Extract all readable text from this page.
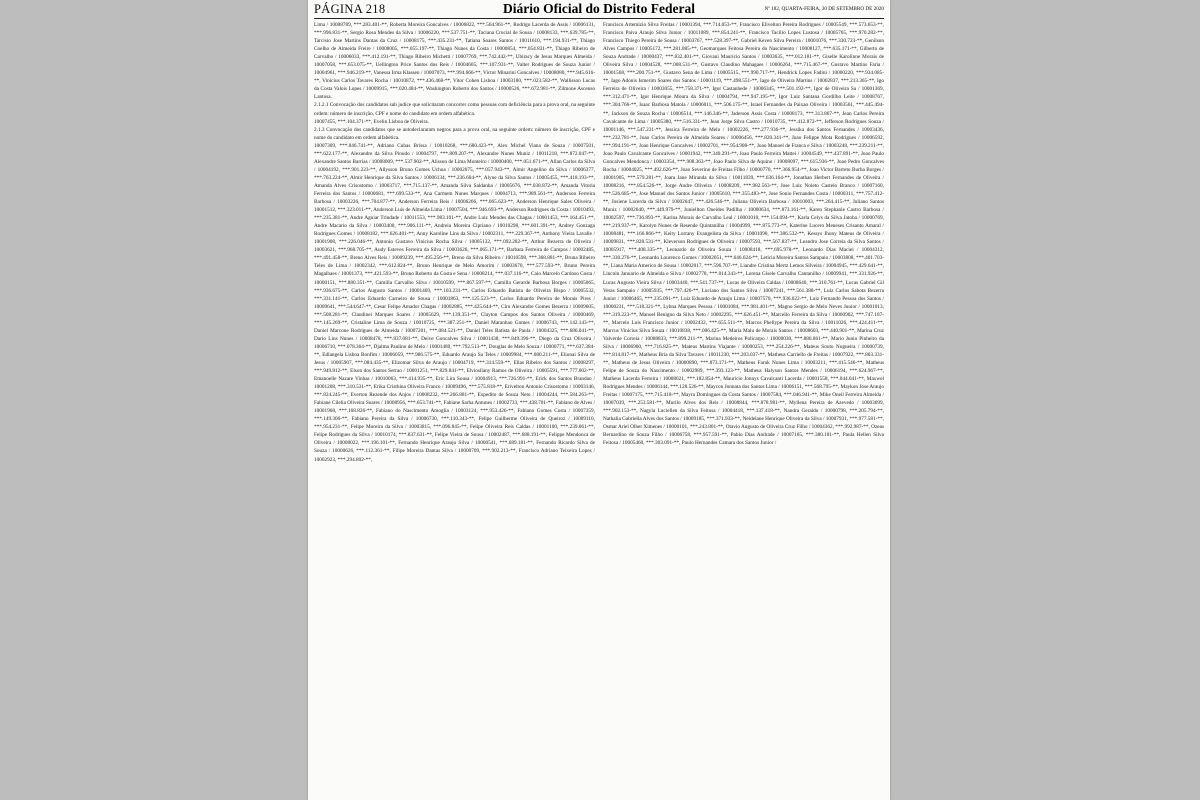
PÁGINA 218	Diário Oficial do Distrito Federal	Nº 182, QUARTA-FEIRA, 30 DE SETEMBRO DE 2020

Lima / 10008789, ***.283.401-**, Roberta Moreira Goncalves / 10006822, ***.564.961-**, Rodrigo Lacerda de Assis / 10006131, ***.996.831-**, Sergio Rosa Mendes da Silva / 10006220, ***.537.751-**, Taciana Crucial de Sousa / 10008133, ***.639.785-**, Tarcisio Jose Martins Dantas da Cruz / 10008175, ***.435.231-**, Tatiana Soares Santos / 10011610, ***.194.931-**, Thiago Coelho de Almeida Freire / 10008005, ***.055.197-**, Thiago Nunes da Costa / 10000854, ***.054.831-**, Thiago Ribeiro de Carvalho / 10006033, ***.412.191-**, Thiago Ribeiro Michetti / 10007769, ***.742.442-**, Ubiracy de Jesus Marques Almeida / 10007058, ***.653.075-**, Uellington Price Santos dos Reis / 10004605, ***.107.931-**, Valter Rodrigues de Souza Junior / 10004961, ***.946.219-**, Vanessa Irma Klassen / 10007073, ***.994.666-**, Victor Minarini Goncalves / 10008080, ***.945.616-**, Vinicius Carlos Tavares Rocha / 10010872, ***.436.468-**, Vitor Cohen Lisboa / 10003180, ***.023.582-**, Wallisson Lucas da Costa Valois Lopes / 10009915, ***.020.484-**, Washington Roberto dos Santos / 10000526, ***.672.981-**, Zilmone Ascenso Lantosa.

2.1.2.1 Convocação dos candidatos sub judice que solicitaram concorrer como pessoas com deficiência para a prova oral, na seguinte ordem: número de inscrição, CPF e nome do candidato em ordem alfabética.

10007455, ***.104.371-**, Evelin Lisboa de Oliveira.

2.1.3 Convocação dos candidatos que se autodeclararam negros para a prova oral, na seguinte ordem: número de inscrição, CPF e nome do candidato em ordem alfabética.

10007309, ***.846.741-**, Adriano Cubas Brissa / 10010268, ***.680.423-**, Alex Michel Viana de Souza / 10007501, ***.622.177-**, Alexandre da Silva Pinudo / 10004797, ***.809.207-**, Alexandre Nunes Muniz / 10011218, ***.872.047-**, Alexandre Santos Barrias / 10008009, ***.537.902-**, Alisson de Lima Monteiro / 10000400, ***.051.671-**, Allan Carlos da Silva / 10004192, ***.901.223-**, Allysson Bruno Gomes Uchoa / 10002075, ***.057.943-**, Almir Angelino da Silva / 10006377, ***.763.224-**, Almir Henrique da Silva Santos / 10006134, ***.236.604-**, Alyne da Silva Santos / 10005455, ***.418.193-**, Amanda Alves Crisostomo / 10003717, ***.715.137-**, Amanda Silva Saldanha / 10005676, ***.038.872-**, Amanda Vitoria Ferreira dos Santos / 10000681, ***.699.533-**, Ana Carmem Nunes Marques / 10004713, ***.989.561-**, Anderson Ferreira Barbosa / 10003226, ***.704.877-**, Anderson Ferreira Reis / 10006266, ***.065.623-**, Anderson Henrique Sales Oliveira / 10001512, ***.323.011-**, Anderson Luis de Almeida Lima / 10007504, ***.946.693-**, Anderson Rodrigues da Costa / 10010493, ***.235.381-**, Andre Aguiar Trindade / 10011553, ***.983.101-**, Andre Luiz Mendes das Chagas / 10001453, ***.164.451-**, Andre Macario da Silva / 10003400, ***.906.111-**, Andreia Moreira Cipriano / 10010298, ***.601.391-**, Andrey Gonzaga Rodrigues Gomes / 10008182, ***.626.401-**, Anny Karoline Lins da Silva / 10002311, ***.229.367-**, Anthony Vieira Lavalle / 10001908, ***.226.046-**, Antonio Gustavo Vinicius Rocha Silva / 10005132, ***.092.282-**, Arthur Bezerra de Oliveira / 10003621, ***.968.705-**, Audy Esteves Ferreira da Silva / 10003626, ***.065.171-**, Barbara Ferreira de Campos / 10002485, ***.491.458-**, Breno Alves Reis / 10009239, ***.495.256-**, Breno da Silva Ribeiro / 10010598, ***.368.881-**, Bruna Ribeiro Teles de Lima / 10002342, ***.612.824-**, Bruno Henrique de Melo Amorim / 10003670, ***.577.593-**, Bruno Pereira Magalhaes / 10001373, ***.421.593-**, Bruno Roberto da Costa e Sena / 10008214, ***.037.116-**, Caio Marcelo Cardoso Costa / 10000151, ***.880.351-**, Camilla Carvalho Silva / 10010599, ***.867.597-**, Camilla Gerarde Barbosa Borges / 10005065, ***.936.675-**, Carlos Augusto Santos / 10001469, ***.103.231-**, Carlos Eduardo Batista de Oliveira Bispo / 10005532, ***.331.141-**, Carlos Eduardo Carneiro de Sousa / 10001863, ***.125.523-**, Carlos Eduardo Pereira de Morais Pires / 10009641, ***.544.647-**, Cesar Felipe Amador Chagas / 10002885, ***.425.644-**, Ciro Alexandre Gomes Bezerra / 10009605, ***.508.281-**, Claudinei Marques Soares / 10005629, ***.139.351-**, Clayton Campos dos Santos Oliveira / 10000469, ***.145.269-**, Cristaline Lima de Souza / 10010725, ***.387.251-**, Daniel Maranhao Gomes / 10006743, ***.142.143-**, Daniel Marcone Rodrigues de Almeida / 10007201, ***.084.521-**, Daniel Teles Batista de Paula / 10004325, ***.686.041-**, Dario Lins Nunes / 10008478, ***.837.081-**, Deive Goncalves Silva / 10001438, ***.849.396-**, Diego da Cruz Oliveira / 10006710, ***.078.364-**, Djalma Paulino de Melo / 10001480, ***.792.513-**, Douglas de Melo Souza / 10000771, ***.637.384-**, Edlangela Lisboa Bonfim / 10006059, ***.986.575-**, Eduardo Araujo Sa Teles / 10009984, ***.080.211-**, Elionai Silva de Jesus / 10005907, ***.084.435-**, Elizomar Silva de Araujo / 10004719, ***.314.559-**, Ellas Ribeiro dos Santos / 10008297, ***.949.812-**, Elson dos Santos Serrao / 10001251, ***.829.841-**, Elviosllany Ramos de Oliveira / 10005591, ***.777.002-**, Emanoelle Nazare Vinhas / 10010063, ***.414.935-**, Eric Lira Sousa / 10004913, ***.726.991-**, Erick dos Santos Brandao / 10001208, ***.310.531-**, Erika Cristhina Oliveira Franco / 10009496, ***.575.818-**, Erivelton Antonio Crisostomo / 10003146, ***.824.245-**, Everton Rezende dos Anjos / 10008232, ***.266.881-**, Expedito de Souza Neto / 10004244, ***.584.263-**, Fabiane Cilelia Oliveira Soares / 10008956, ***.653.741-**, Fabiane Sarha Antunes / 10002733, ***.438.701-**, Fabiano de Alves / 10001968, ***.168.826-**, Fabiano do Nascimento Amoglia / 10003124, ***.953.426-**, Fabiano Gomes Costa / 10007359, ***.149.306-**, Fabiano Pereira da Silva / 10006730, ***.110.343-**, Felipe Guilherme Oliveira de Queiroz / 10009110, ***.954.231-**, Felipe Moreira da Silva / 10003815, ***.096.845-**, Felipe Oliveira Reis Caldas / 10001100, ***.239.061-**, Felipe Rodrigues da Silva / 10010174, ***.837.631-**, Felipe Vieira de Sousa / 10002487, ***.688.191-**, Felippe Mendonca de Oliveira / 10008022, ***.196.101-**, Fernando Henrique Araujo Silva / 10000541, ***.689.181-**, Fernando Ricardo Silva de Souza / 10000626, ***.112.361-**, Filipe Moreira Dantas Silva / 10000709, ***.902.213-**, Francisco Adriano Teixeira Lopes / 10002923, ***.294.802-**,

Francisco Artemizio Silva Freitas / 10001394, ***.714.053-**, Francisco Elivelton Pereira Rodrigues / 10005549, ***.573.653-**, Francisco Paiva Araujo Silva Junior / 10011089, ***.854.241-**, Francisco Tacilio Lopes Lustosa / 10005765, ***.970.282-**, Francisco Thiego Pereira de Sousa / 10003767, ***.528.397-**, Gabriel Keven Silva Pereira / 10001076, ***.330.723-**, Genilson Alves Campos / 10005172, ***.281.085-**, Geomarques Feitosa Pereira do Nascimento / 10008127, ***.635.171-**, Gilberto de Souza Andrade / 10000437, ***.832.401-**, Giovani Mauricio Santos / 10003635, ***.012.181-**, Giselle Karolinne Morais de Oliveira Silva / 10004528, ***.008.531-**, Gustavo Claudino Mahagaes / 10006264, ***.715.467-**, Gustavo Martins Faria / 10001568, ***.200.751-**, Gustavo Sena de Lima / 10005515, ***.990.717-**, Hendrick Lopes Fadini / 10000220, ***.934.085-**, Iago Adonis Ismerim Soares dos Santos / 10001119, ***.498.551-**, Iago de Oliveira Martins / 10002837, ***.213.365-**, Igo Ferreira de Oliveira / 10003055, ***.758.371-**, Igor Castanhede / 10006345, ***.501.192-**, Igor de Oliveira Sa / 10001369, ***.312.471-**, Igor Henrique Moura da Silva / 10004794, ***.947.195-**, Igor Luiz Santana Gordilho Leite / 10008767, ***.304.766-**, Isaac Barbosa Matola / 10006011, ***.506.175-**, Israel Fernandes da Paixao Oliveira / 10003561, ***.445.494-**, Jackson de Souza Rocha / 10006514, ***.146.346-**, Jaderson Assis Costa / 10008173, ***.313.867-**, Jean Carlos Pereira Cavalcante de Lima / 10005380, ***.516.331-**, Jean Jorge Silva Castro / 10010735, ***.412.872-**, Jefferson Rodrigues Souza / 10001146, ***.547.231-**, Jessica Ferreira de Melo / 10002226, ***.277.936-**, Jessika dos Santos Fernandes / 10003436, ***.232.781-**, Joao Carlos Pereira de Almeida Soares / 10006456, ***.820.341-**, Joao Felippe Mota Rodrigues / 10006592, ***.994.191-**, Joao Henrique Goncalves / 10002701, ***.954.908-**, Joao Manoel de Franca e Silva / 10003248, ***.239.211-**, Joao Paulo Cavalcante Goncalves / 10001942, ***.340.291-**, Joao Paulo Ferreira Mattei / 10004549, ***.437.891-**, Joao Paulo Goncalves Mendonca / 10003354, ***.908.363-**, Joao Paulo Silva de Aquino / 10008097, ***.615.936-**, Joao Pedro Goncalves Rocha / 10004025, ***.492.626-**, Joao Severino de Freitas Filho / 10000770, ***.366.954-**, Joao Victor Barreto Burba Borges / 10001905, ***.579.281-**, Joara Jane Miranda da Silva / 10011839, ***.636.164-**, Jonathan Herbert Fernandes de Oliveira / 10008216, ***.854.526-**, Jorge Andre Oliveira / 10008209, ***.982.563-**, Jose Luiz Noleto Castelo Branco / 10007160, ***.526.685-**, Jose Manuel dos Santos Junior / 10005610, ***.355.483-**, Jose Sonio Fernandes Costa / 10000311, ***.757.412-**, Josiene Lacerda da Silva / 10002647, ***.426.546-**, Juliana Oliveira Barbosa / 10010003, ***.264.415-**, Juliano Santos Muniz / 10002640, ***.449.979-**, Juniellton Oneides Padilha / 10000634, ***.873.161-**, Karen Stephanie Castro Barbosa / 10002597, ***.736.893-**, Karina Morais de Carvalho Leal / 10001010, ***.154.094-**, Karla Celys da Silva Jatoba / 10000769, ***.219.937-**, Karolyn Nunes de Resende Quintanilha / 10004999, ***.875.773-**, Katerine Lucero Meneses Crisanto Amaral / 10008481, ***.166.866-**, Keity Lorrany Evangelista da Silva / 10001090, ***.386.532-**, Kessys Jhony Mateus de Oliveira / 10009831, ***.828.531-**, Kleverson Rodrigues de Oliveira / 10007593, ***.567.837-**, Leandro Jose Correia da Silva Santos / 10005917, ***.408.335-**, Leonardo de Oliveira Souza / 10008418, ***.695.978-**, Leonardo Dias Maciel / 10004312, ***.330.276-**, Leonardo Lourenco Gomes / 10002051, ***.646.624-**, Leticia Moreira Santos Sampaio / 10003808, ***.401.703-**, Liana Maria Americo de Sousa / 10002017, ***.596.707-**, Liandre Cristina Mertz Lemos Silveira / 10004945, ***.429.641-**, Lincoln Januario de Almeida e Silva / 10002778, ***.014.343-**, Lorena Gisele Carvalho Cantanilho / 10009941, ***.331.926-**, Lucas Augusto Vieira Silva / 10003440, ***.541.737-**, Lucas de Oliveira Caldas / 10008640, ***.310.761-**, Lucas Gabriel Gil Veras Sampaio / 10005935, ***.797.426-**, Luciano dos Santos Silva / 10007241, ***.561.388-**, Luiz Carlos Sabota Bezerra Junior / 10006465, ***.235.091-**, Luiz Eduardo de Araujo Lima / 10007570, ***.936.622-**, Luiz Fernando Pessoa dos Santos / 10000231, ***.518.321-**, Lybna Marques Pessoa / 10001084, ***.981.401-**, Magno Sergio de Melo Neves Junior / 10001013, ***.319.223-**, Manoel Benigno da Silva Neto / 10002295, ***.626.451-**, Marcello Ferreira da Silva / 10000902, ***.747.187-**, Marcelo Luis Francisco Junior / 10002432, ***.655.511-**, Marcos Phellype Pereira da Silva / 10011026, ***.424.411-**, Marcus Vinicius Silva Souza / 10010838, ***.006.425-**, Maria Malu de Morais Santos / 10008603, ***.440.901-**, Marina Cruz Valverde Correia / 10008833, ***.899.211-**, Marina Medeiros Policarpo / 10000030, ***.886.861-**, Mario Junio Pinheiro da Silva / 10006900, ***.716.825-**, Mateus Martins Viajante / 10000253, ***.254.226-**, Mateus Souto Nogueira / 10000739, ***.814.817-**, Matheus Bria da Silva Tavares / 10011230, ***.203.037-**, Matheus Carriello de Freitas / 10007922, ***.863.331-**, Matheus de Jesus Oliveira / 10000890, ***.873.171-**, Matheus Faruk Nunes Lima / 10003211, ***.415.546-**, Matheus Felipe de Souza do Nascimento / 10002989, ***.393.123-**, Matheus Halyson Santos Mendes / 10006194, ***.624.967-**, Matheus Lacerda Ferreira / 10008021, ***.182.854-**, Mauricio Jonnys Cavalcanti Lacerda / 10001558, ***.044.641-**, Maxwel Rodrigues Mendes / 10006144, ***.128.526-**, Maycon Jonnata dos Santos Lima / 10006151, ***.568.795-**, Maykon Jose Araujo Freitas / 10007175, ***.715.418-**, Mayra Domingues da Costa Santos / 10007584, ***.046.941-**, Mike Oneil Ferreira Almeida / 10007039, ***.253.581-**, Murilo Alves dos Reis / 10008844, ***.878.981-**, Myllena Pereira de Azevedo / 10003699, ***.902.153-**, Nagyla Luciellen da Silva Feitosa / 10004418, ***.137.418-**, Nandra Geraldo / 10000798, ***.205.794-**, Nathalia Gabriella Alves dos Santos / 10009185, ***.371.933-**, Neidelane Henrique Oliveira da Silva / 10007931, ***.977.581-**, Osmar Ariel Olher Ximenes / 10000101, ***.243.801-**, Otavio Augusto de Oliveira Cruz Filho / 10004362, ***.992.987-**, Ozeas Bernardino de Souza Filho / 10006758, ***.957.591-**, Pablo Dias Andrade / 10007165, ***.380.181-**, Paula Hellen Silva Feitosa / 10005460, ***.303.091-**, Paulo Hernandes Camara dos Santos Junior /
